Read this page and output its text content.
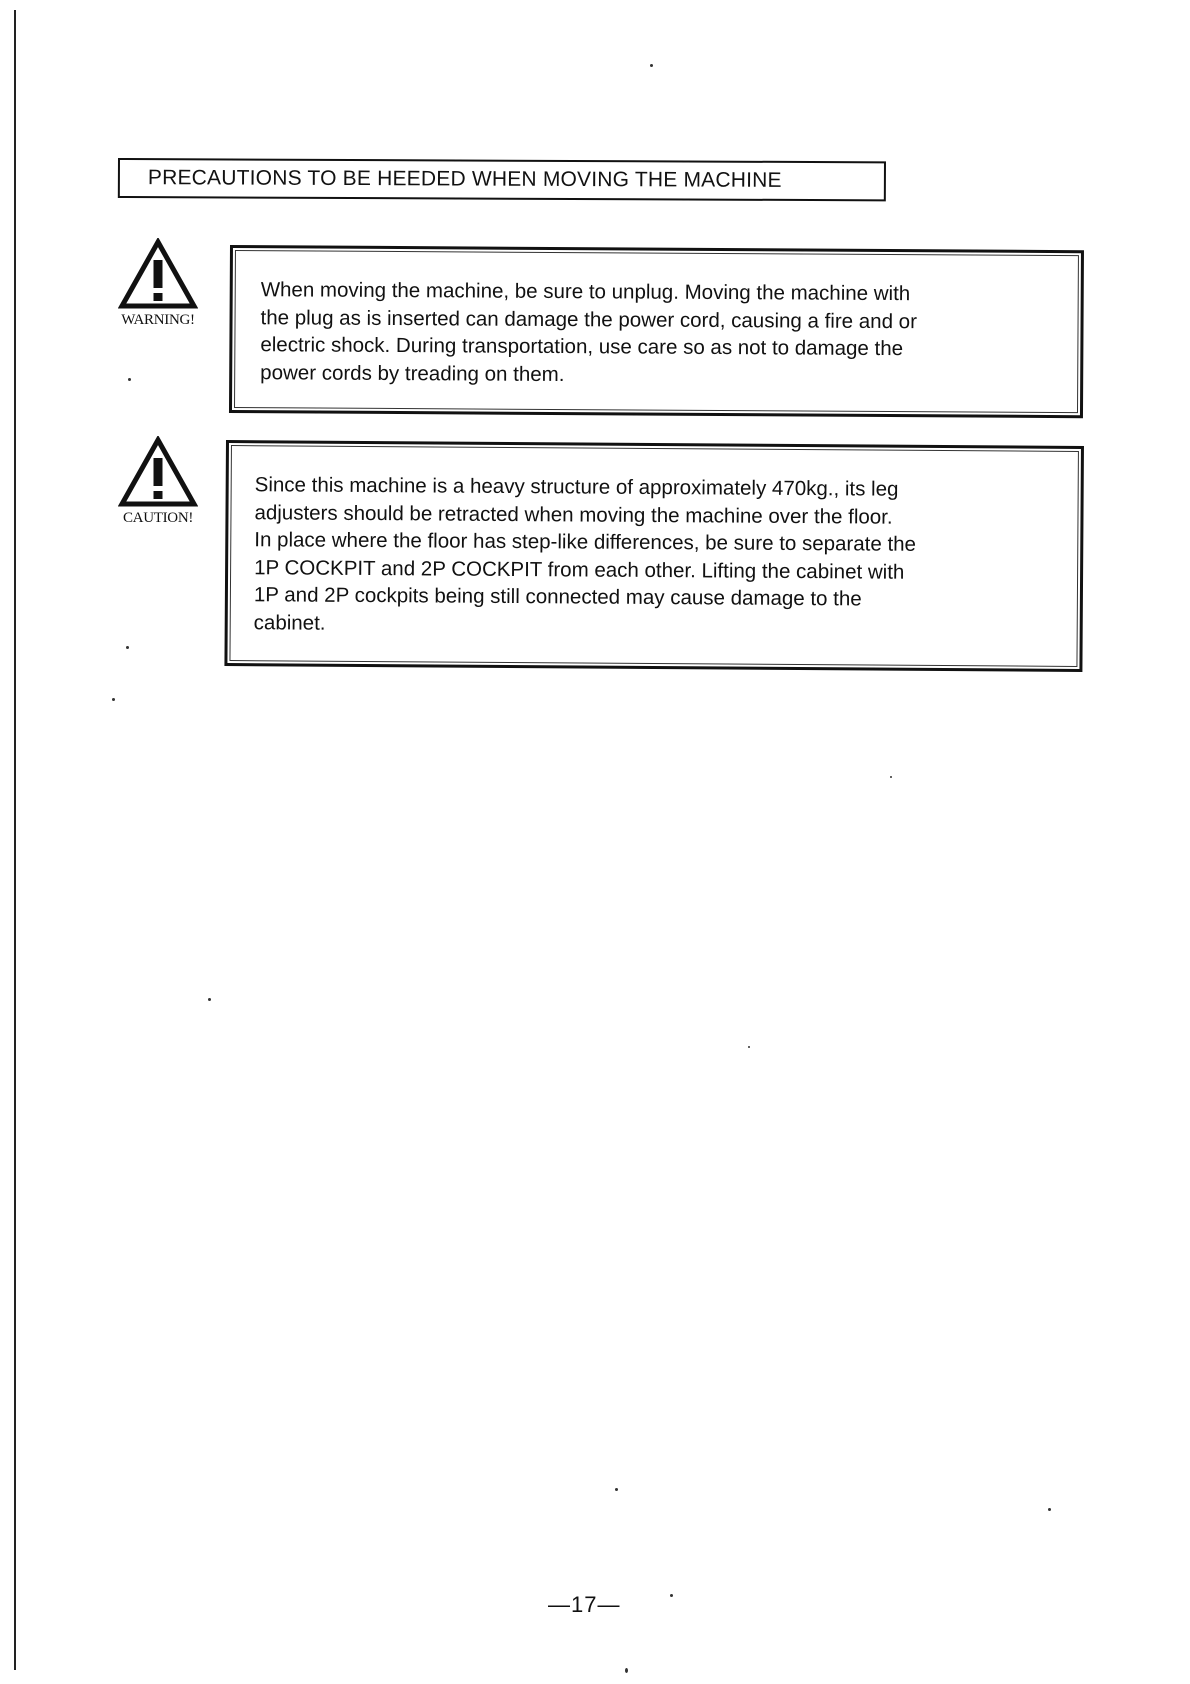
PRECAUTIONS TO BE HEEDED WHEN MOVING THE MACHINE
WARNING!
When moving the machine, be sure to unplug. Moving the machine with
the plug as is inserted can damage the power cord, causing a fire and or
electric shock. During transportation, use care so as not to damage the
power cords by treading on them.
CAUTION!
Since this machine is a heavy structure of approximately 470kg., its leg
adjusters should be retracted when moving the machine over the floor.
In place where the floor has step-like differences, be sure to separate the
1P COCKPIT and 2P COCKPIT from each other. Lifting the cabinet with
1P and 2P cockpits being still connected may cause damage to the
cabinet.
—17—
